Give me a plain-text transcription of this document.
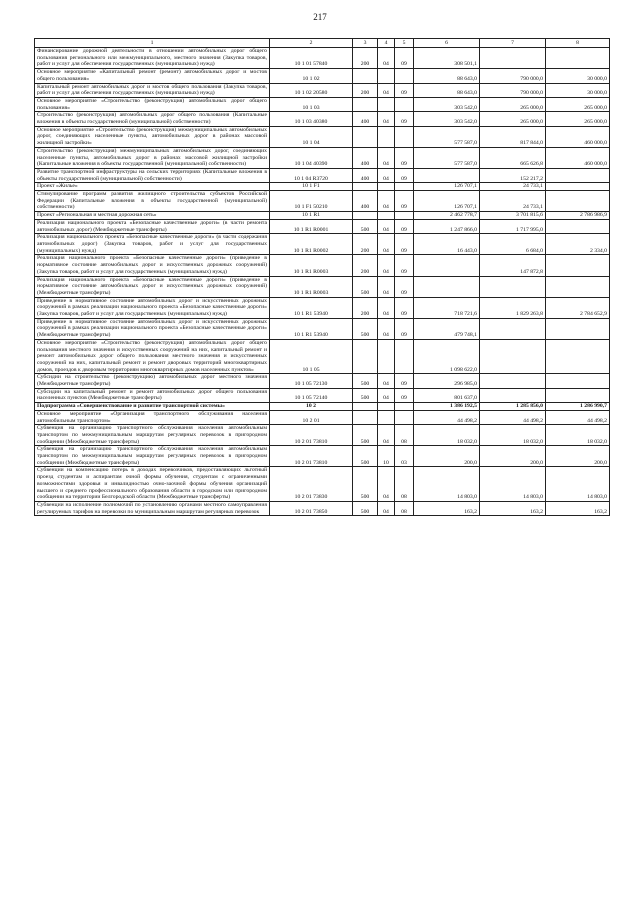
217
1	2	3	4	5	6	7	8
Финансирование дорожной деятельности в отношении автомобильных дорог общего пользования регионального или межмуниципального, местного значения (Закупка товаров, работ и услуг для обеспечения государственных (муниципальных) нужд)	10 1 01 57840	200	04	09	308 501,1		
Основное мероприятие «Капитальный ремонт (ремонт) автомобильных дорог и мостов общего пользования»	10 1 02				88 643,0	790 000,0	30 000,0
Капитальный ремонт автомобильных дорог и мостов общего пользования (Закупка товаров, работ и услуг для обеспечения государственных (муниципальных) нужд)	10 1 02 20580	200	04	09	88 643,0	790 000,0	30 000,0
Основное мероприятие «Строительство (реконструкция) автомобильных дорог общего пользования»	10 1 03				303 542,0	265 000,0	265 000,0
Строительство (реконструкция) автомобильных дорог общего пользования (Капитальные вложения в объекты государственной (муниципальной) собственности)	10 1 03 40380	400	04	09	303 542,0	265 000,0	265 000,0
Основное мероприятие «Строительство (реконструкция) межмуниципальных автомобильных дорог, соединяющих населенные пункты, автомобильных дорог в районах массовой жилищной застройки»	10 1 04				577 587,0	817 844,0	460 000,0
Строительство (реконструкция) межмуниципальных автомобильных дорог, соединяющих населенные пункты, автомобильных дорог в районах массовой жилищной застройки (Капитальные вложения в объекты государственной (муниципальной) собственности)	10 1 04 40390	400	04	09	577 587,0	665 626,8	460 000,0
Развитие транспортной инфраструктуры на сельских территориях (Капитальные вложения в объекты государственной (муниципальной) собственности)	10 1 04 R3720	400	04	09		152 217,2	
Проект «Жилье»	10 1 F1				126 707,1	24 733,1	
Стимулирование программ развития жилищного строительства субъектов Российской Федерации (Капитальные вложения в объекты государственной (муниципальной) собственности)	10 1 F1 50210	400	04	09	126 707,1	24 733,1	
Проект «Региональная и местная дорожная сеть»	10 1 R1				2 462 778,7	3 701 815,6	2 786 986,9
Реализация национального проекта «Безопасные качественные дороги» (в части ремонта автомобильных дорог) (Межбюджетные трансферты)	10 1 R1 R0001	500	04	09	1 247 866,0	1 717 995,0	
Реализация национального проекта «Безопасные качественные дороги» (в части содержания автомобильных дорог) (Закупка товаров, работ и услуг для государственных (муниципальных) нужд)	10 1 R1 R0002	200	04	09	16 443,0	6 684,0	2 334,0
Реализация национального проекта «Безопасные качественные дороги» (приведение в нормативное состояние автомобильных дорог и искусственных дорожных сооружений) (Закупка товаров, работ и услуг для государственных (муниципальных) нужд)	10 1 R1 R0003	200	04	09		147 872,8	
Реализация национального проекта «Безопасные качественные дороги» (приведение в нормативное состояние автомобильных дорог и искусственных дорожных сооружений) (Межбюджетные трансферты)	10 1 R1 R0003	500	04	09			
Приведение в нормативное состояние автомобильных дорог и искусственных дорожных сооружений в рамках реализации национального проекта «Безопасные качественные дороги» (Закупка товаров, работ и услуг для государственных (муниципальных) нужд)	10 1 R1 53940	200	04	09	718 721,6	1 829 263,8	2 784 652,9
Приведение в нормативное состояние автомобильных дорог и искусственных дорожных сооружений в рамках реализации национального проекта «Безопасные качественные дороги» (Межбюджетные трансферты)	10 1 R1 53940	500	04	09	479 748,1		
Основное мероприятие «Строительство (реконструкция) автомобильных дорог общего пользования местного значения и искусственных сооружений на них, капитальный ремонт и ремонт автомобильных дорог общего пользования местного значения и искусственных сооружений на них, капитальный ремонт и ремонт дворовых территорий многоквартирных домов, проездов к дворовым территориям многоквартирных домов населенных пунктов»	10 1 05				1 098 622,0		
Субсидии на строительство (реконструкцию) автомобильных дорог местного значения (Межбюджетные трансферты)	10 1 05 72130	500	04	09	296 985,0		
Субсидии на капитальный ремонт и ремонт автомобильных дорог общего пользования населенных пунктов (Межбюджетные трансферты)	10 1 05 72140	500	04	09	801 637,0		
Подпрограмма «Совершенствование и развитие транспортной системы»	10 2				1 386 192,5	1 285 856,0	1 286 990,7
Основное мероприятие «Организация транспортного обслуживания населения автомобильным транспортом»	10 2 01				44 498,2	44 498,2	44 498,2
Субвенция на организацию транспортного обслуживания населения автомобильным транспортом по межмуниципальным маршрутам регулярных перевозок в пригородном сообщении (Межбюджетные трансферты)	10 2 01 73810	500	04	08	18 032,0	18 032,0	18 032,0
Субвенция на организацию транспортного обслуживания населения автомобильным транспортом по межмуниципальным маршрутам регулярных перевозок в пригородном сообщении (Межбюджетные трансферты)	10 2 01 73810	500	10	03	200,0	200,0	200,0
Субвенции на компенсацию потерь в доходах перевозчиков, предоставляющих льготный проезд студентам и аспирантам очной формы обучения, студентам с ограниченными возможностями здоровья и инвалидностью очно-заочной формы обучения организаций высшего и среднего профессионального образования области в городском или пригородном сообщении на территории Белгородской области (Межбюджетные трансферты)	10 2 01 73830	500	04	08	14 803,0	14 803,0	14 803,0
Субвенции на исполнение полномочий по установлению органами местного самоуправления регулируемых тарифов на перевозки по муниципальным маршрутам регулярных перевозок	10 2 01 73850	500	04	08	163,2	163,2	163,2
